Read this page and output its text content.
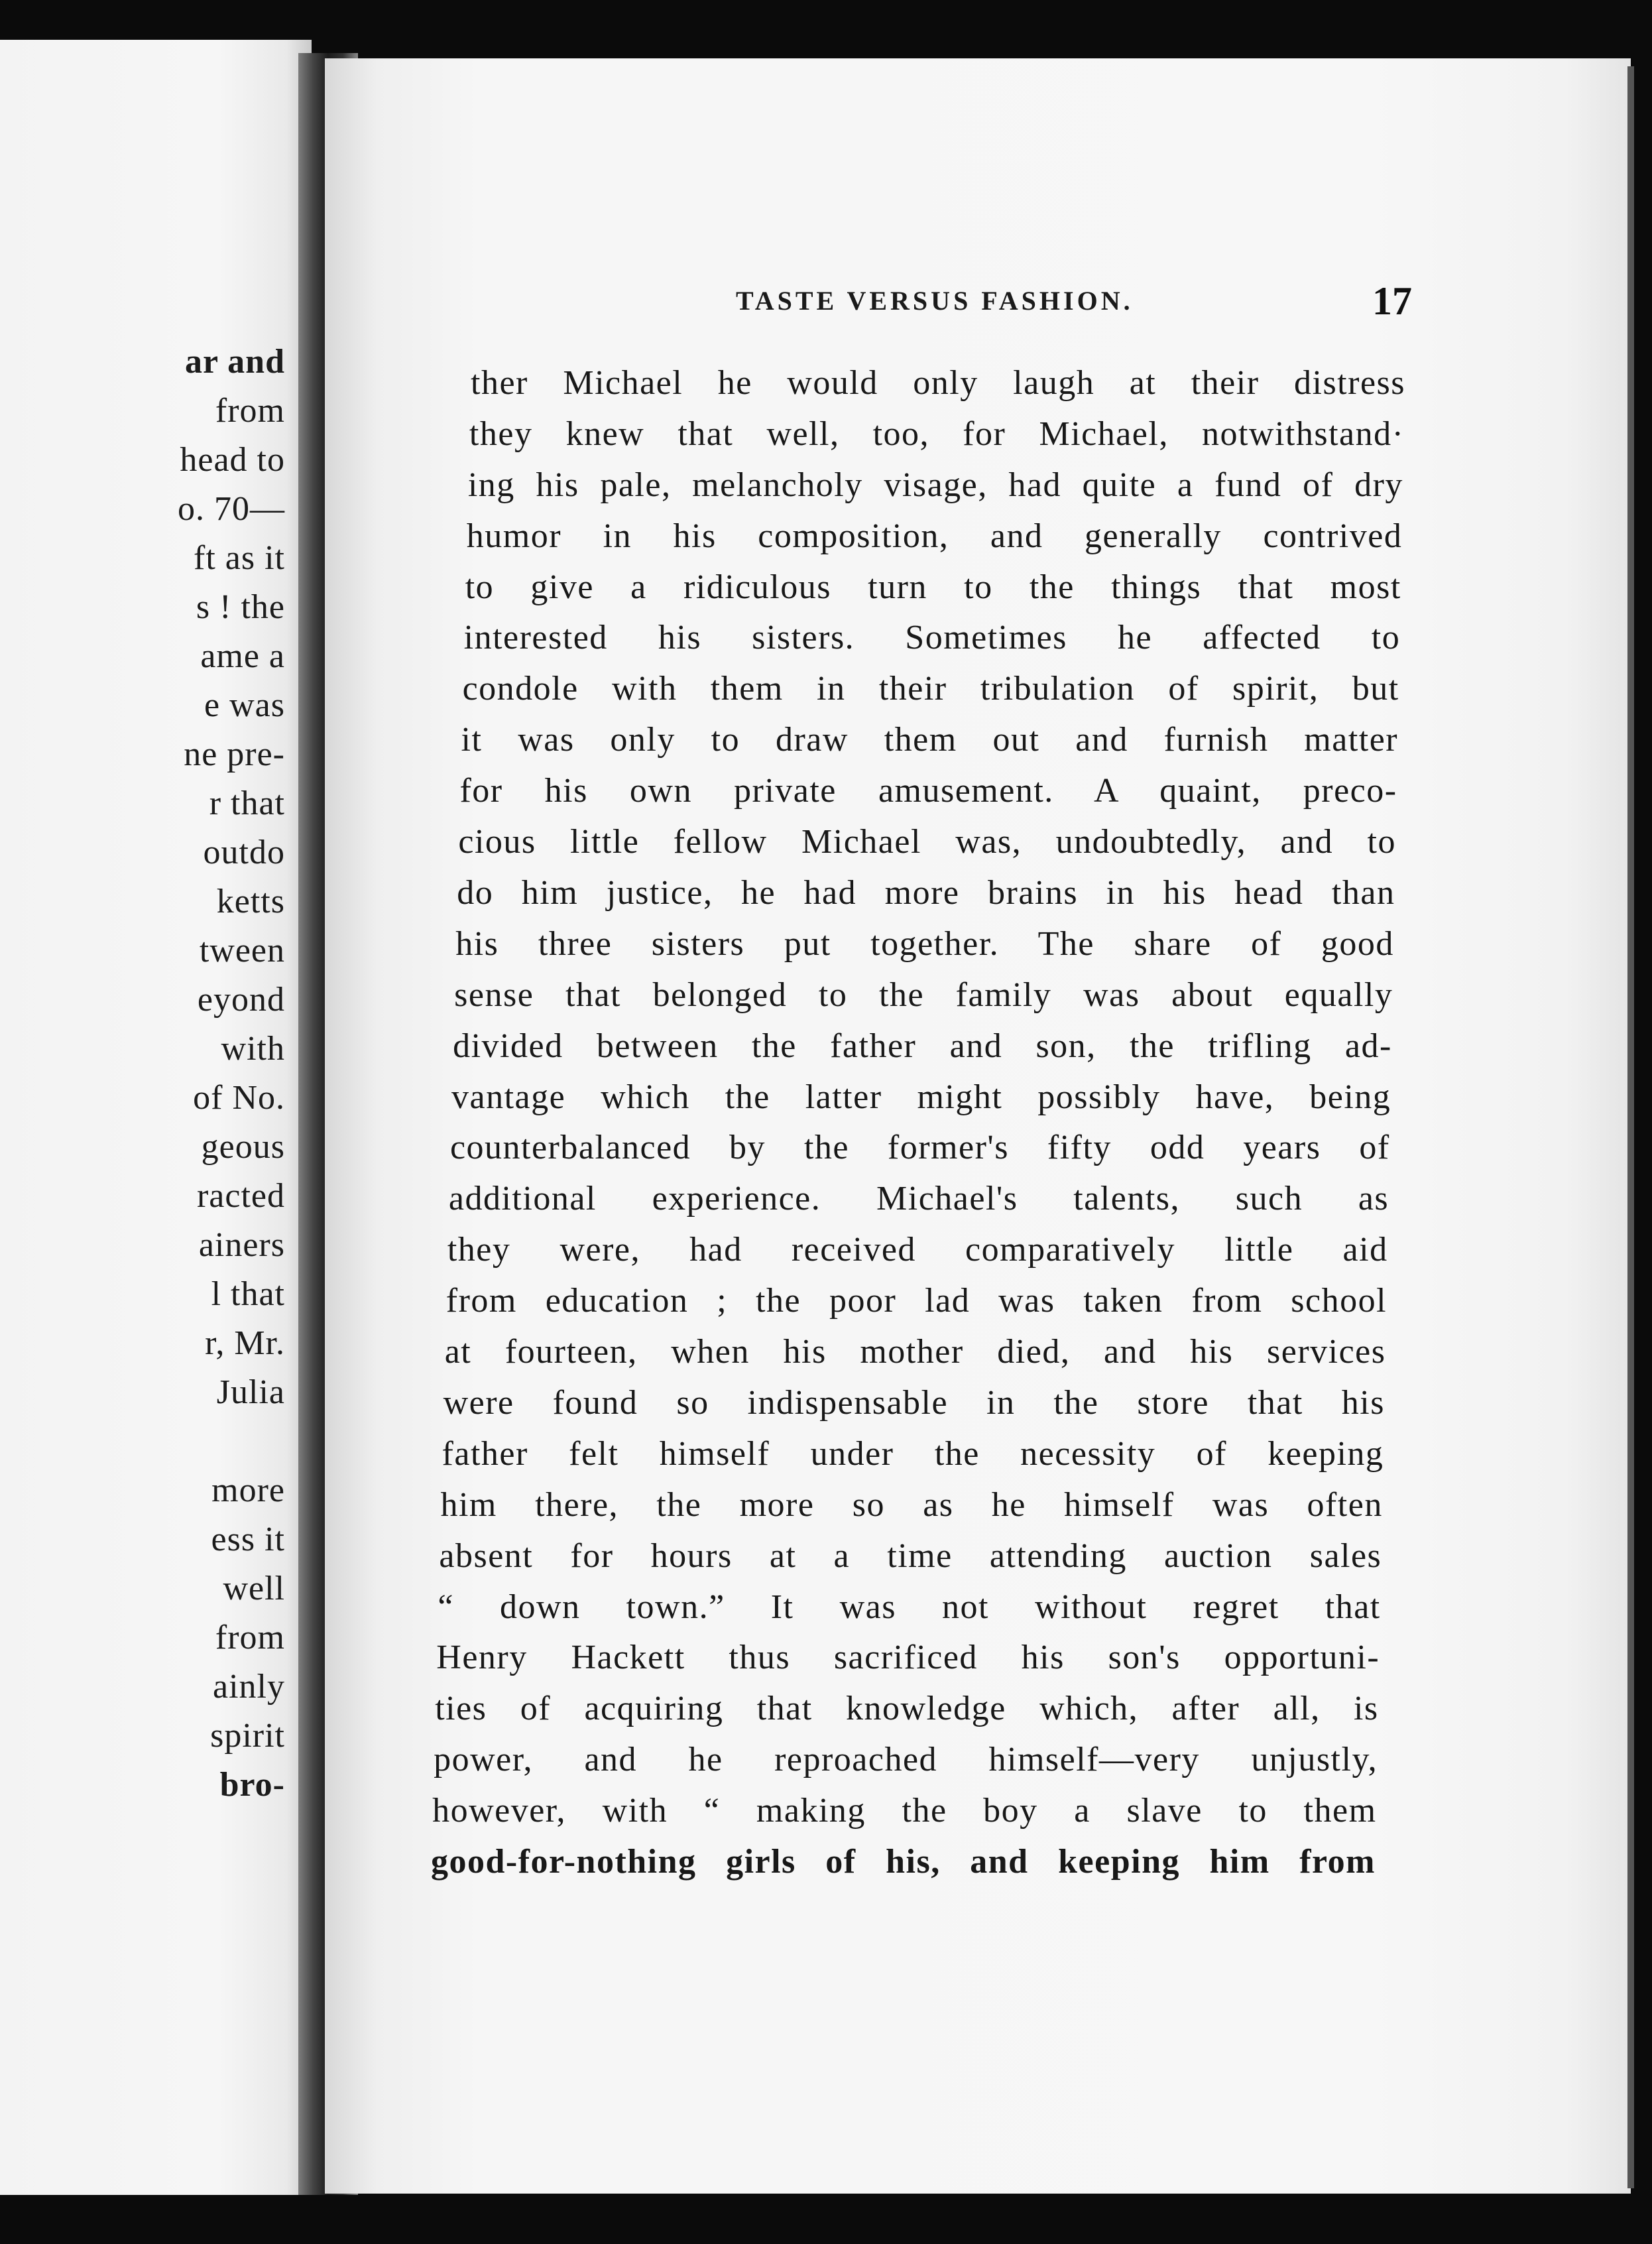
ar and
from
head to
o. 70—
ft as it
s ! the
ame a
e was
ne pre-
r that
outdo
ketts
tween
eyond
with
of No.
geous
racted
ainers
l that
r, Mr.
Julia
more
ess it
well
from
ainly
spirit
bro-
TASTE VERSUS FASHION.	17
ther Michael he would only laugh at their distress
they knew that well, too, for Michael, notwithstand·
ing his pale, melancholy visage, had quite a fund of dry
humor in his composition, and generally contrived
to give a ridiculous turn to the things that most
interested his sisters. Sometimes he affected to
condole with them in their tribulation of spirit, but
it was only to draw them out and furnish matter
for his own private amusement. A quaint, preco-
cious little fellow Michael was, undoubtedly, and to
do him justice, he had more brains in his head than
his three sisters put together. The share of good
sense that belonged to the family was about equally
divided between the father and son, the trifling ad-
vantage which the latter might possibly have, being
counterbalanced by the former's fifty odd years of
additional experience. Michael's talents, such as
they were, had received comparatively little aid
from education ; the poor lad was taken from school
at fourteen, when his mother died, and his services
were found so indispensable in the store that his
father felt himself under the necessity of keeping
him there, the more so as he himself was often
absent for hours at a time attending auction sales
“ down town.” It was not without regret that
Henry Hackett thus sacrificed his son's opportuni-
ties of acquiring that knowledge which, after all, is
power, and he reproached himself—very unjustly,
however, with “ making the boy a slave to them
good-for-nothing girls of his, and keeping him from
